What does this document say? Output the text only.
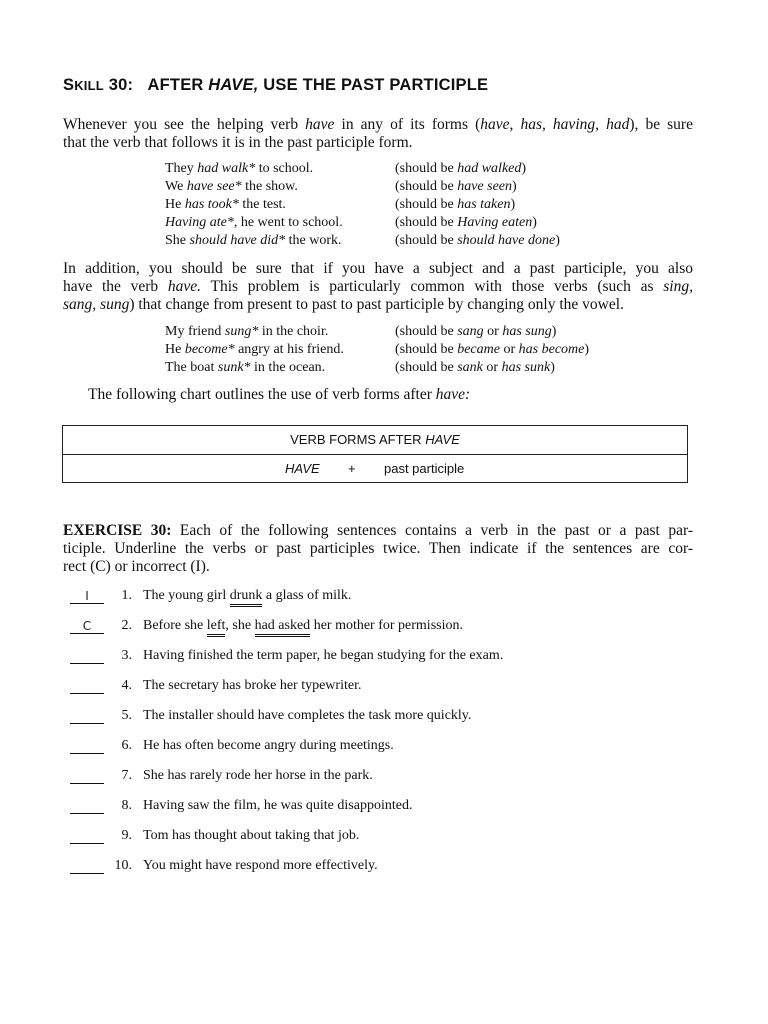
SKILL 30: AFTER HAVE, USE THE PAST PARTICIPLE
Whenever you see the helping verb have in any of its forms (have, has, having, had), be sure
that the verb that follows it is in the past participle form.
They had walk* to school.	(should be had walked)
We have see* the show.	(should be have seen)
He has took* the test.	(should be has taken)
Having ate*, he went to school.	(should be Having eaten)
She should have did* the work.	(should be should have done)
In addition, you should be sure that if you have a subject and a past participle, you also
have the verb have. This problem is particularly common with those verbs (such as sing,
sang, sung) that change from present to past to past participle by changing only the vowel.
My friend sung* in the choir.	(should be sang or has sung)
He become* angry at his friend.	(should be became or has become)
The boat sunk* in the ocean.	(should be sank or has sunk)

The following chart outlines the use of verb forms after have:

VERB FORMS AFTER HAVE
HAVE + past participle
EXERCISE 30: Each of the following sentences contains a verb in the past or a past par-
ticiple. Underline the verbs or past participles twice. Then indicate if the sentences are cor-
rect (C) or incorrect (I).
I	1. The young girl drunk a glass of milk.
C	2. Before she left, she had asked her mother for permission.
3. Having finished the term paper, he began studying for the exam.
4. The secretary has broke her typewriter.
5. The installer should have completes the task more quickly.
6. He has often become angry during meetings.
7. She has rarely rode her horse in the park.
8. Having saw the film, he was quite disappointed.
9. Tom has thought about taking that job.
10. You might have respond more effectively.
